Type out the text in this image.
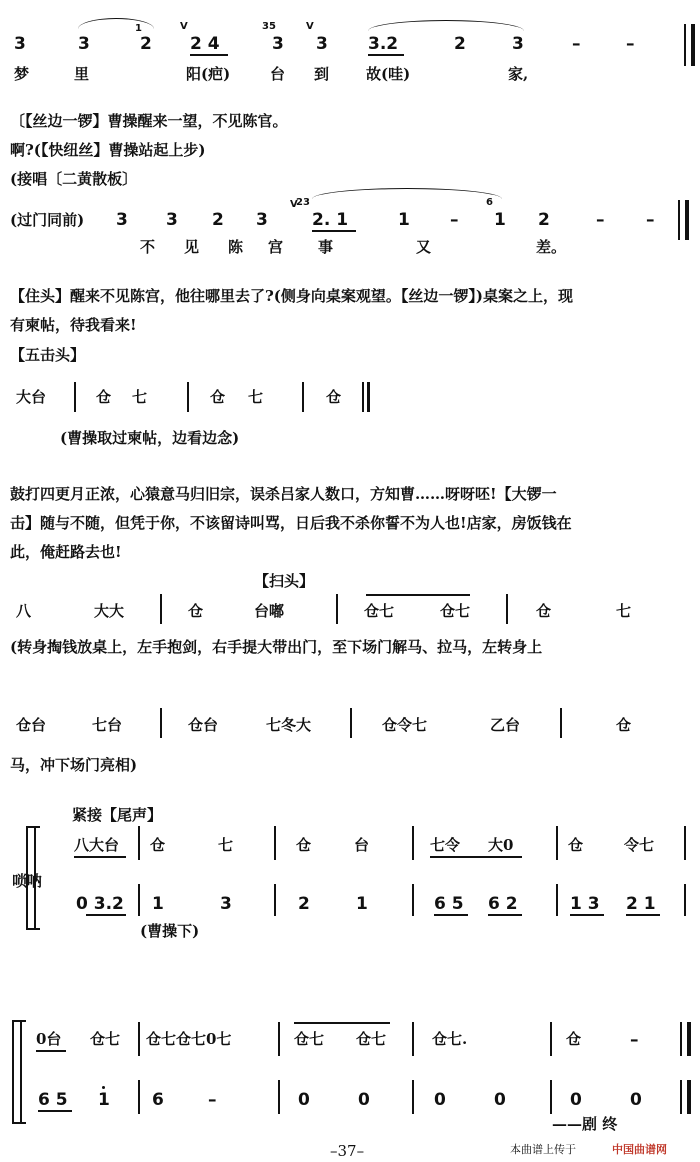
3	3
1
2 2 4
35
3 3 3.2	2	3	–	–
V	V
梦	里	阳(疤)	台 到 故(哇)	家,
〔【丝边一锣】曹操醒来一望，不见陈官。
啊?(【快纽丝】曹操站起上步)
(接唱〔二黄散板〕
(过门同前) 3 3 2 3
23
2. 1	1 –
6
1 2	– –
V
不 见 陈 宫 事	又	差。
【住头】醒来不见陈宫，他往哪里去了?(侧身向桌案观望。【丝边一锣】)桌案之上，现
有柬帖，待我看来!
【五击头】
大台	仓 七	仓 七	仓
(曹操取过柬帖，边看边念)
鼓打四更月正浓，心猿意马归旧宗，误杀吕家人数口，方知曹……呀呀呸!【大锣一
击】随与不随，但凭于你，不该留诗叫骂，日后我不杀你誓不为人也!店家，房饭钱在
此，俺赶路去也!
【扫头】
八	大大	仓	台嘟	仓七	仓七	仓	七
(转身掏钱放桌上，左手抱剑，右手提大带出门，至下场门解马、拉马，左转身上
仓台	七台	仓台	七冬大	仓令七	乙台	仓
马，冲下场门亮相)
紧接【尾声】
唢呐
八大台 仓	七	仓	台	七令 大0	仓	令七
0 3.2 1	3	2	1	6 5 6 2	1 3 2 1
(曹操下)
0台 仓七 仓七仓七0七	仓七 仓七	仓七.	仓	–
6 5 1 6	–	0	0	0	0	0	0
——剧 终
–37–	本曲谱上传于	中国曲谱网
